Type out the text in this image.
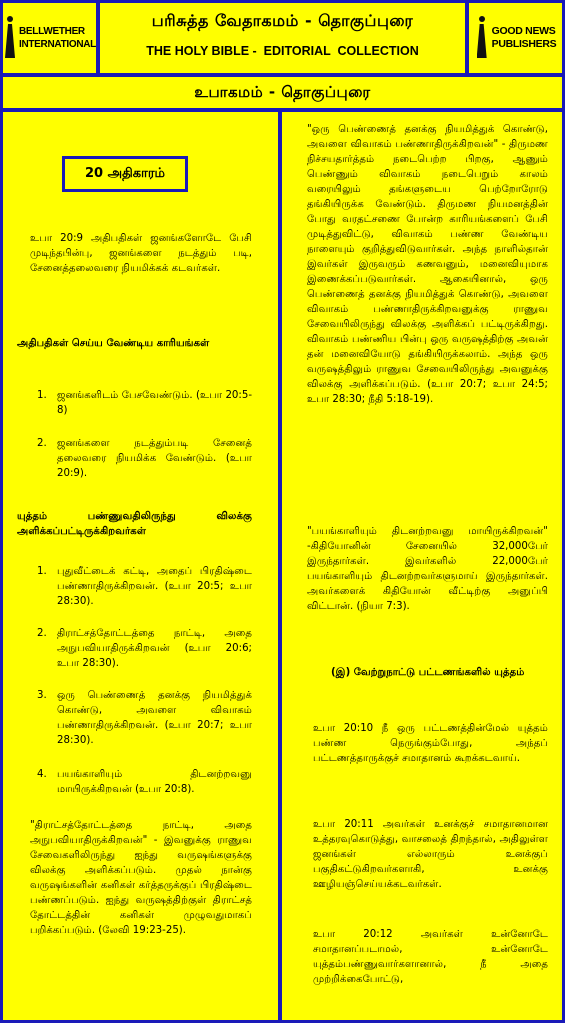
BELLWETHER
INTERNATIONAL
பரிசுத்த வேதாகமம் - தொகுப்புரை
THE HOLY BIBLE -  EDITORIAL  COLLECTION
GOOD NEWS
PUBLISHERS
உபாகமம் - தொகுப்புரை
20 அதிகாரம்
உபா 20:9 அதிபதிகள் ஜனங்களோடே பேசி முடிந்தபின்பு, ஜனங்களை நடத்தும் படி, சேனைத்தலைவரை நியமிக்கக் கடவர்கள்.
அதிபதிகள் செய்ய வேண்டிய காரியங்கள்
1. ஜனங்களிடம் பேசவேண்டும். (உபா 20:5-8)
2. ஜனங்களை நடத்தும்படி சேனைத் தலைவரை நியமிக்க வேண்டும். (உபா 20:9).
யுத்தம் பண்ணுவதிலிருந்து விலக்கு அளிக்கப்பட்டிருக்கிறவர்கள்
1. புதுவீட்டைக் கட்டி, அதைப் பிரதிஷ்டை பண்ணாதிருக்கிறவன். (உபா 20:5; உபா 28:30).
2. திராட்சத்தோட்டத்தை நாட்டி, அதை அநுபவியாதிருக்கிறவன் (உபா 20:6; உபா 28:30).
3. ஒரு பெண்ணைத் தனக்கு நியமித்துக் கொண்டு, அவளை விவாகம் பண்ணாதிருக்கிறவன். (உபா 20:7; உபா 28:30).
4. பயங்காளியும் திடனற்றவனு மாயிருக்கிறவன் (உபா 20:8).
"திராட்சத்தோட்டத்தை நாட்டி, அதை அநுபவியாதிருக்கிறவன்" - இவனுக்கு ராணுவ சேவைகளிலிருந்து ஐந்து வருஷங்களுக்கு விலக்கு அளிக்கப்படும். முதல் நான்கு வருஷங்களின் கனிகள் கர்த்தருக்குப் பிரதிஷ்டை பண்ணப்படும். ஐந்து வருஷத்திற்குள் திராட்சத் தோட்டத்தின் கனிகள் முழுவதுமாகப் பறிக்கப்படும். (லேவி 19:23-25).
"ஒரு பெண்ணைத் தனக்கு நியமித்துக் கொண்டு, அவளை விவாகம் பண்ணாதிருக்கிறவன்" - திருமண நிச்சயதார்த்தம் நடைபெற்ற பிறகு, ஆணும் பெண்ணும் விவாகம் நடைபெறும் காலம் வரையிலும் தங்களுடைய பெற்றோரோடு தங்கியிருக்க வேண்டும். திருமண நியமனத்தின் போது வரதட்சணை போன்ற காரியங்களைப் பேசி முடித்துவிட்டு, விவாகம் பண்ண வேண்டிய நாளையும் குறித்துவிடுவார்கள். அந்த நாளில்தான் இவர்கள் இருவரும் கணவனும், மனைவியுமாக இணைக்கப்படுவார்கள். ஆகையினால், ஒரு பெண்ணைத் தனக்கு நியமித்துக் கொண்டு, அவளை விவாகம் பண்ணாதிருக்கிறவனுக்கு ராணுவ சேவையிலிருந்து விலக்கு அளிக்கப் பட்டிருக்கிறது. விவாகம் பண்ணிய பின்பு ஒரு வருஷத்திற்கு அவன் தன் மனைவியோடு தங்கியிருக்கலாம். அந்த ஒரு வருஷத்திலும் ராணுவ சேவையிலிருந்து அவனுக்கு விலக்கு அளிக்கப்படும். (உபா 20:7; உபா 24:5; உபா 28:30; நீதி 5:18-19).
"பயங்காளியும் திடனற்றவனு மாயிருக்கிறவன்" -கிதியோனின் சேனையில் 32,000பேர் இருந்தார்கள். இவர்களில் 22,000பேர் பயங்காளியும் திடனற்றவர்களுமாய் இருந்தார்கள். அவர்களைக் கிதியோன் வீட்டிற்கு அனுப்பி விட்டான். (நியா 7:3).
(இ) வேற்றுநாட்டு பட்டணங்களில் யுத்தம்
உபா 20:10 நீ ஒரு பட்டணத்தின்மேல் யுத்தம் பண்ண நெருங்கும்போது, அந்தப் பட்டணத்தாருக்குச் சமாதானம் கூறக்கடவாய்.
உபா 20:11 அவர்கள் உனக்குச் சமாதானமான உத்தரவுகொடுத்து, வாசலைத் திறந்தால், அதிலுள்ள ஜனங்கள் எல்லாரும் உனக்குப் பகுதிகட்டுகிறவர்களாகி, உனக்கு ஊழியஞ்செய்யக்கடவர்கள்.
உபா 20:12 அவர்கள் உன்னோடே சமாதானப்படாமல், உன்னோடே யுத்தம்பண்ணுவார்களானால், நீ அதை முற்றிக்கைபோட்டு,
